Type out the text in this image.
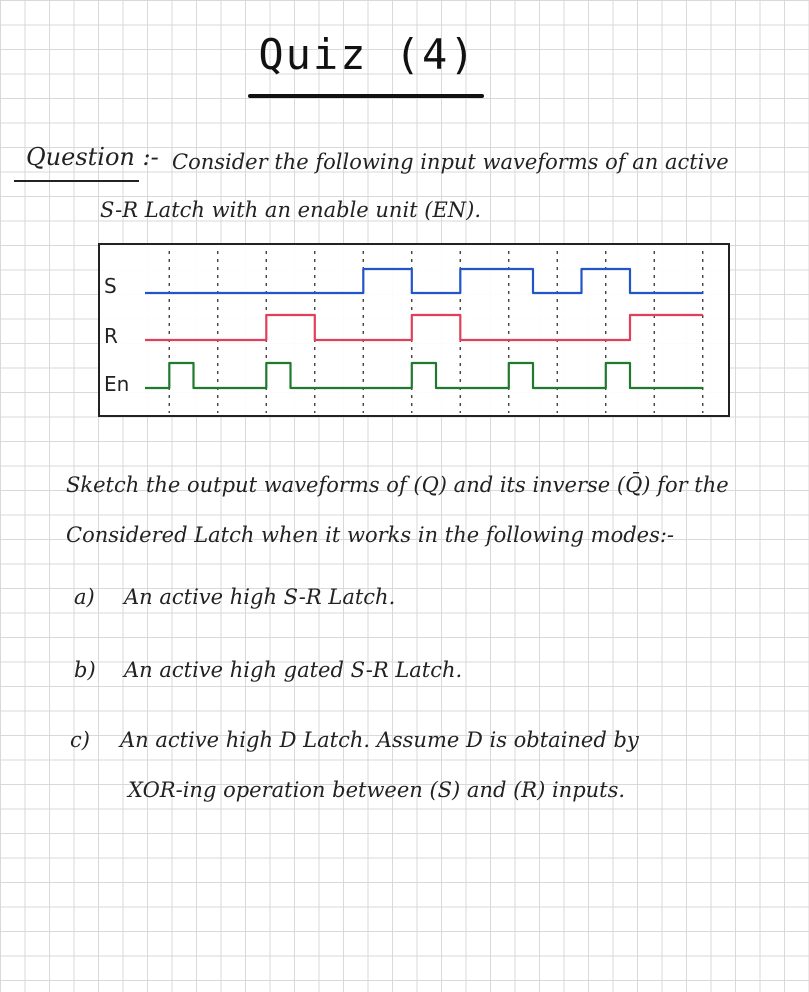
Quiz (4)
Question :- Consider the following input waveforms of an active
S-R Latch with an enable unit (EN).
S
R
En
Sketch the output waveforms of (Q) and its inverse (Q̄) for the
Considered Latch when it works in the following modes:-
a) An active high S-R Latch.
b) An active high gated S-R Latch.
c) An active high D Latch. Assume D is obtained by
XOR-ing operation between (S) and (R) inputs.
